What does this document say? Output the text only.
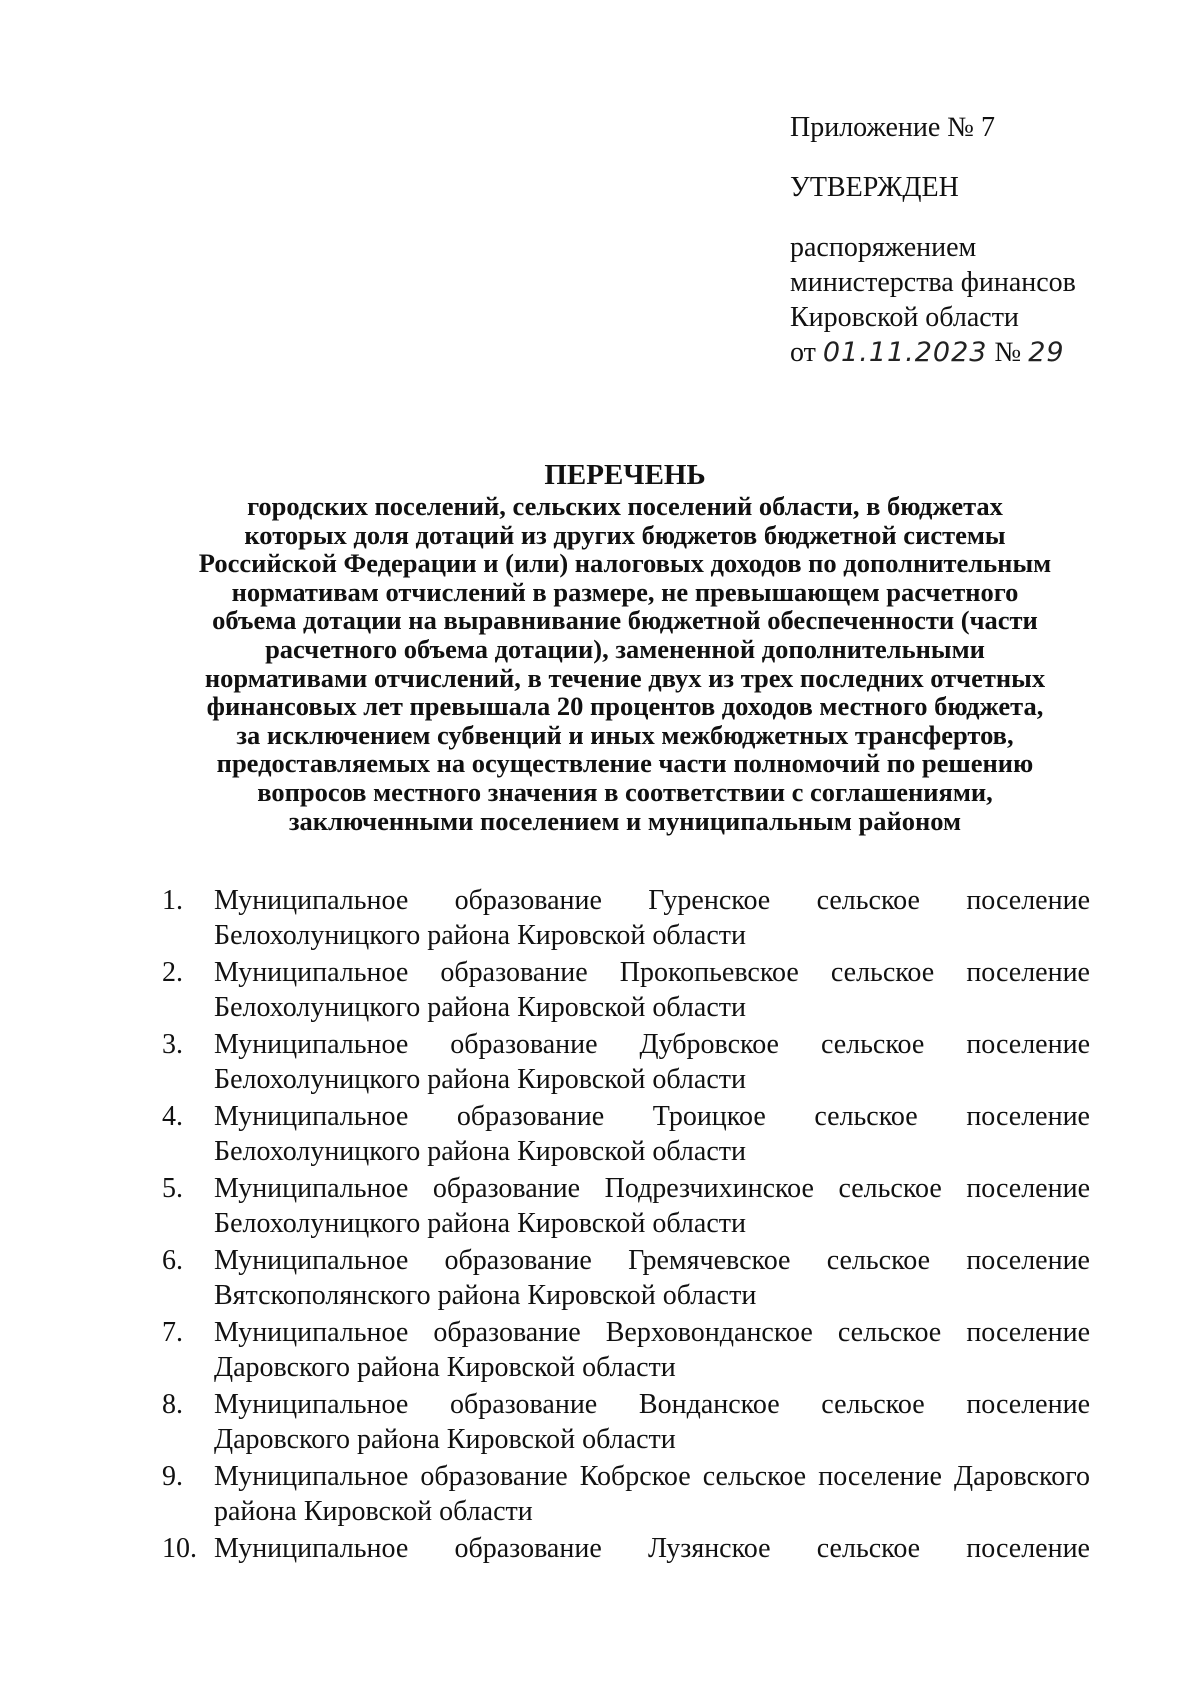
Приложение № 7

УТВЕРЖДЕН

распоряжением

министерства финансов

Кировской области

от 01.11.2023 № 29

ПЕРЕЧЕНЬ

городских поселений, сельских поселений области, в бюджетах

которых доля дотаций из других бюджетов бюджетной системы

Российской Федерации и (или) налоговых доходов по дополнительным

нормативам отчислений в размере, не превышающем расчетного

объема дотации на выравнивание бюджетной обеспеченности (части

расчетного объема дотации), замененной дополнительными

нормативами отчислений, в течение двух из трех последних отчетных

финансовых лет превышала 20 процентов доходов местного бюджета,

за исключением субвенций и иных межбюджетных трансфертов,

предоставляемых на осуществление части полномочий по решению

вопросов местного значения в соответствии с соглашениями,

заключенными поселением и муниципальным районом

1.	Муниципальное образование Гуренское сельское поселение Белохолуницкого района Кировской области
2.	Муниципальное образование Прокопьевское сельское поселение Белохолуницкого района Кировской области
3.	Муниципальное образование Дубровское сельское поселение Белохолуницкого района Кировской области
4.	Муниципальное образование Троицкое сельское поселение Белохолуницкого района Кировской области
5.	Муниципальное образование Подрезчихинское сельское поселение Белохолуницкого района Кировской области
6.	Муниципальное образование Гремячевское сельское поселение Вятскополянского района Кировской области
7.	Муниципальное образование Верховонданское сельское поселение Даровского района Кировской области
8.	Муниципальное образование Вонданское сельское поселение Даровского района Кировской области
9.	Муниципальное образование Кобрское сельское поселение Даровского района Кировской области
10. Муниципальное образование Лузянское сельское поселение
